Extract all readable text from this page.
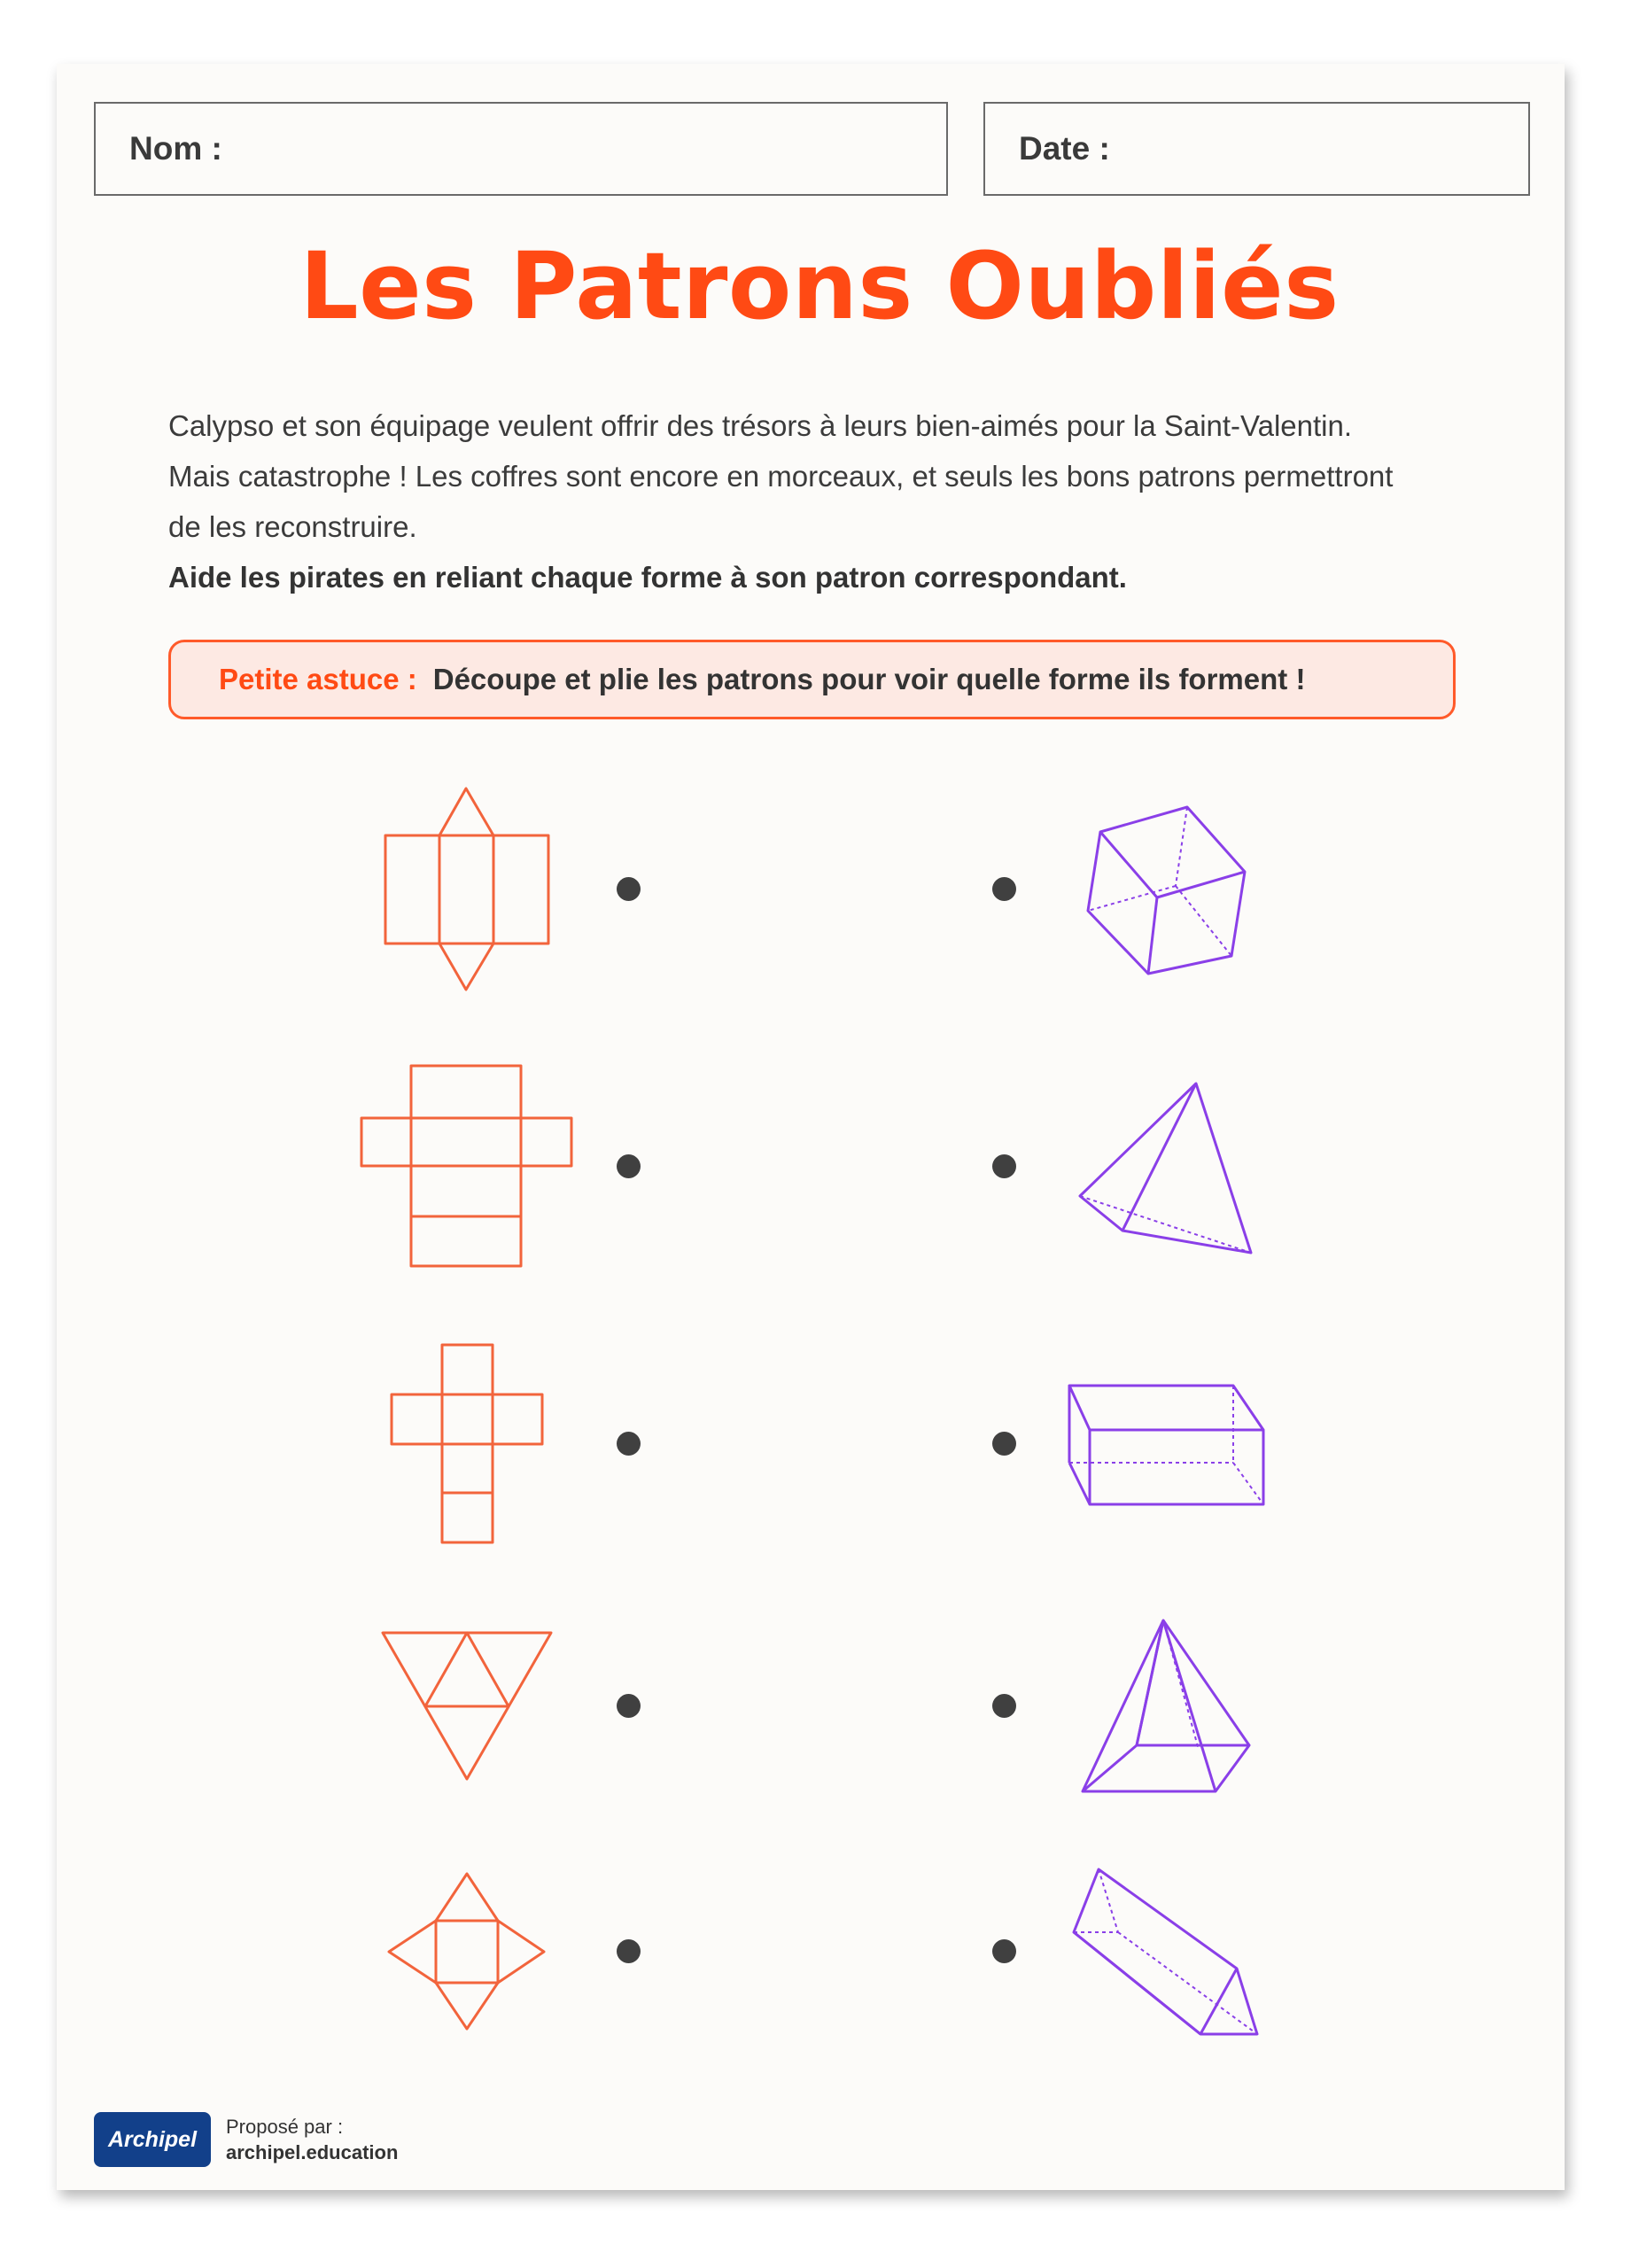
Nom :	Date :
Les Patrons Oubliés

Calypso et son équipage veulent offrir des trésors à leurs bien-aimés pour la Saint-Valentin.

Mais catastrophe ! Les coffres sont encore en morceaux, et seuls les bons patrons permettront

de les reconstruire.

Aide les pirates en reliant chaque forme à son patron correspondant.

Petite astuce : Découpe et plie les patrons pour voir quelle forme ils forment !
Archipel Proposé par :
archipel.education
